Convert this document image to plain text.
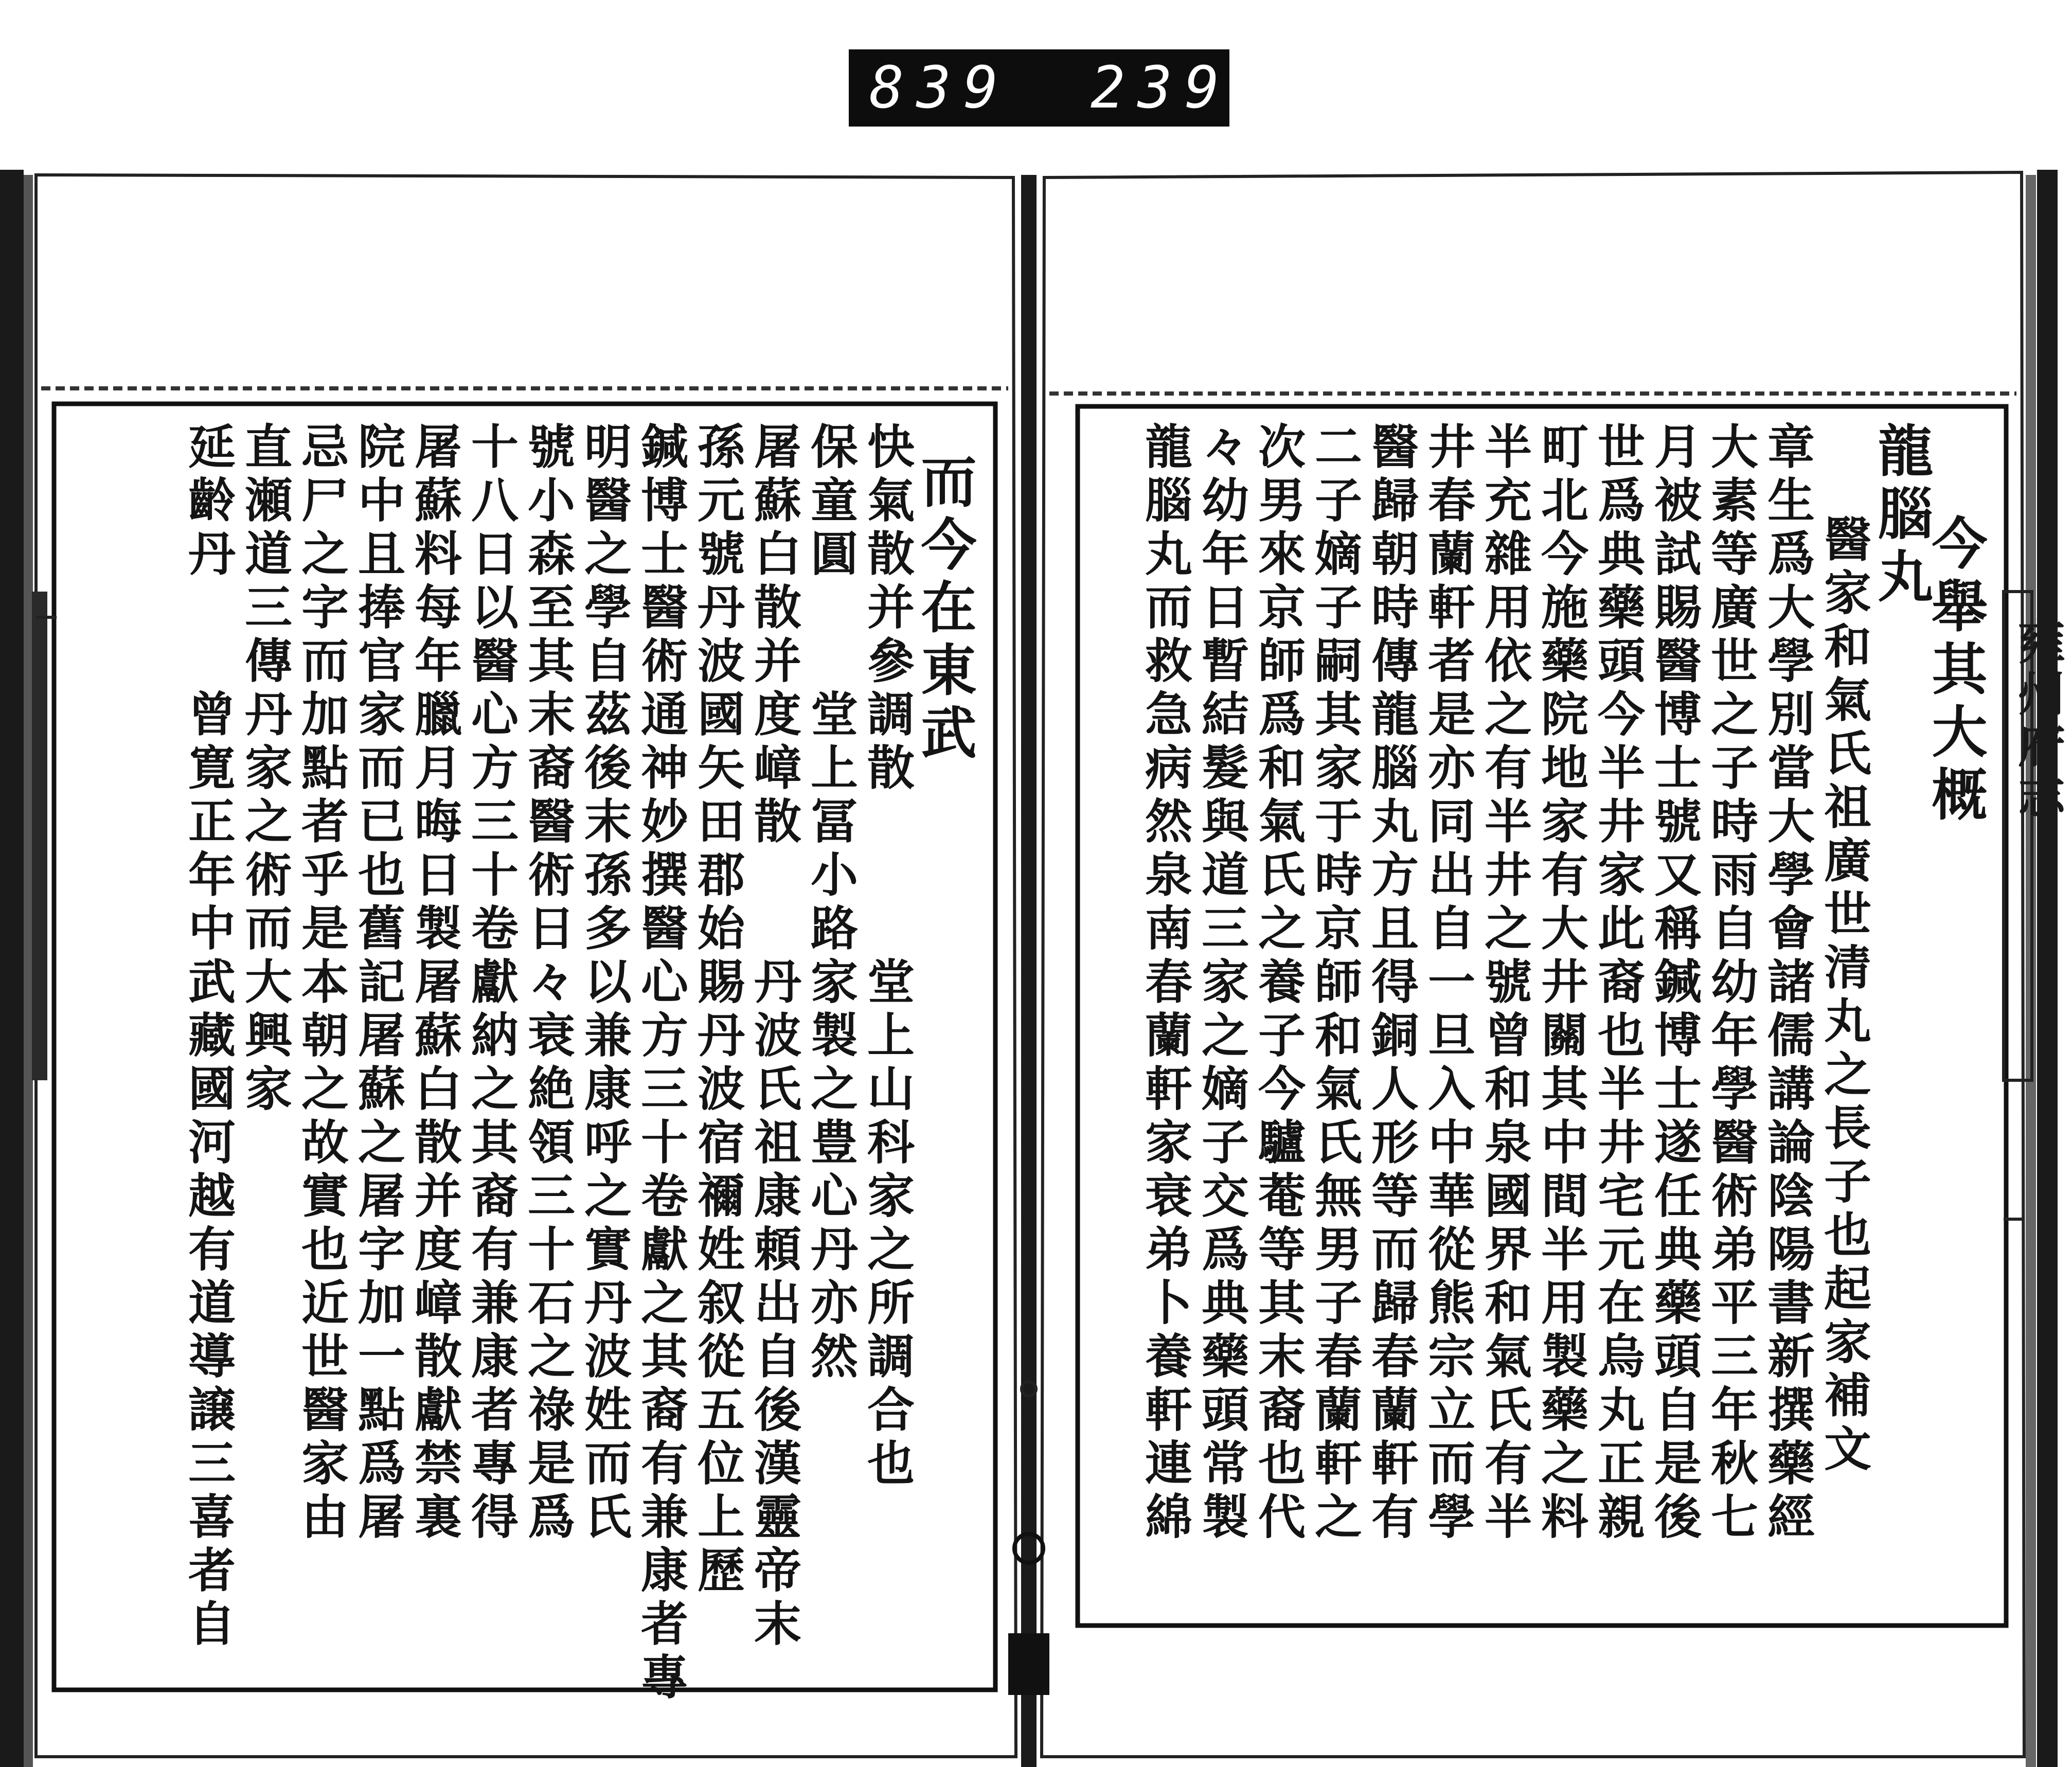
839 239
雍州府志
今舉其大概
龍腦丸
醫家和氣氏祖廣世清丸之長子也起家補文
章生爲大學別當大學會諸儒講論陰陽書新撰藥經
大素等廣世之子時雨自幼年學醫術弟平三年秋七
月被試賜醫博士號又稱鍼博士遂任典藥頭自是後
世爲典藥頭今半井家此裔也半井宅元在烏丸正親
町北今施藥院地家有大井關其中間半用製藥之料
半充雜用依之有半井之號曾和泉國界和氣氏有半
井春蘭軒者是亦同出自一旦入中華從熊宗立而學
醫歸朝時傳龍腦丸方且得銅人形等而歸春蘭軒有
二子嫡子嗣其家于時京師和氣氏無男子春蘭軒之
次男來京師爲和氣氏之養子今驢菴等其末裔也代
々幼年日暫結髮與道三家之嫡子交爲典藥頭常製
龍腦丸而救急病然泉南春蘭軒家衰弟卜養軒連綿
而今在東武
快氣散并參調散　　　堂上山科家之所調合也
保童圓　　堂上冨小路家製之豊心丹亦然
屠蘇白散并度嶂散　　丹波氏祖康頼出自後漢靈帝末
孫元號丹波國矢田郡始賜丹波宿禰姓叙從五位上歷
鍼博士醫術通神妙撰醫心方三十卷獻之其裔有兼康者專
明醫之學自茲後末孫多以兼康呼之實丹波姓而氏
號小森至其末裔醫術日々衰絶領三十石之祿是爲
十八日以醫心方三十卷獻納之其裔有兼康者專得
屠蘇料每年臘月晦日製屠蘇白散并度嶂散獻禁裏
院中且捧官家而已也舊記屠蘇之屠字加一點爲屠
忌尸之字而加點者乎是本朝之故實也近世醫家由
直瀬道三傳丹家之術而大興家
延齡丹　　曾寛正年中武藏國河越有道導譲三喜者自
